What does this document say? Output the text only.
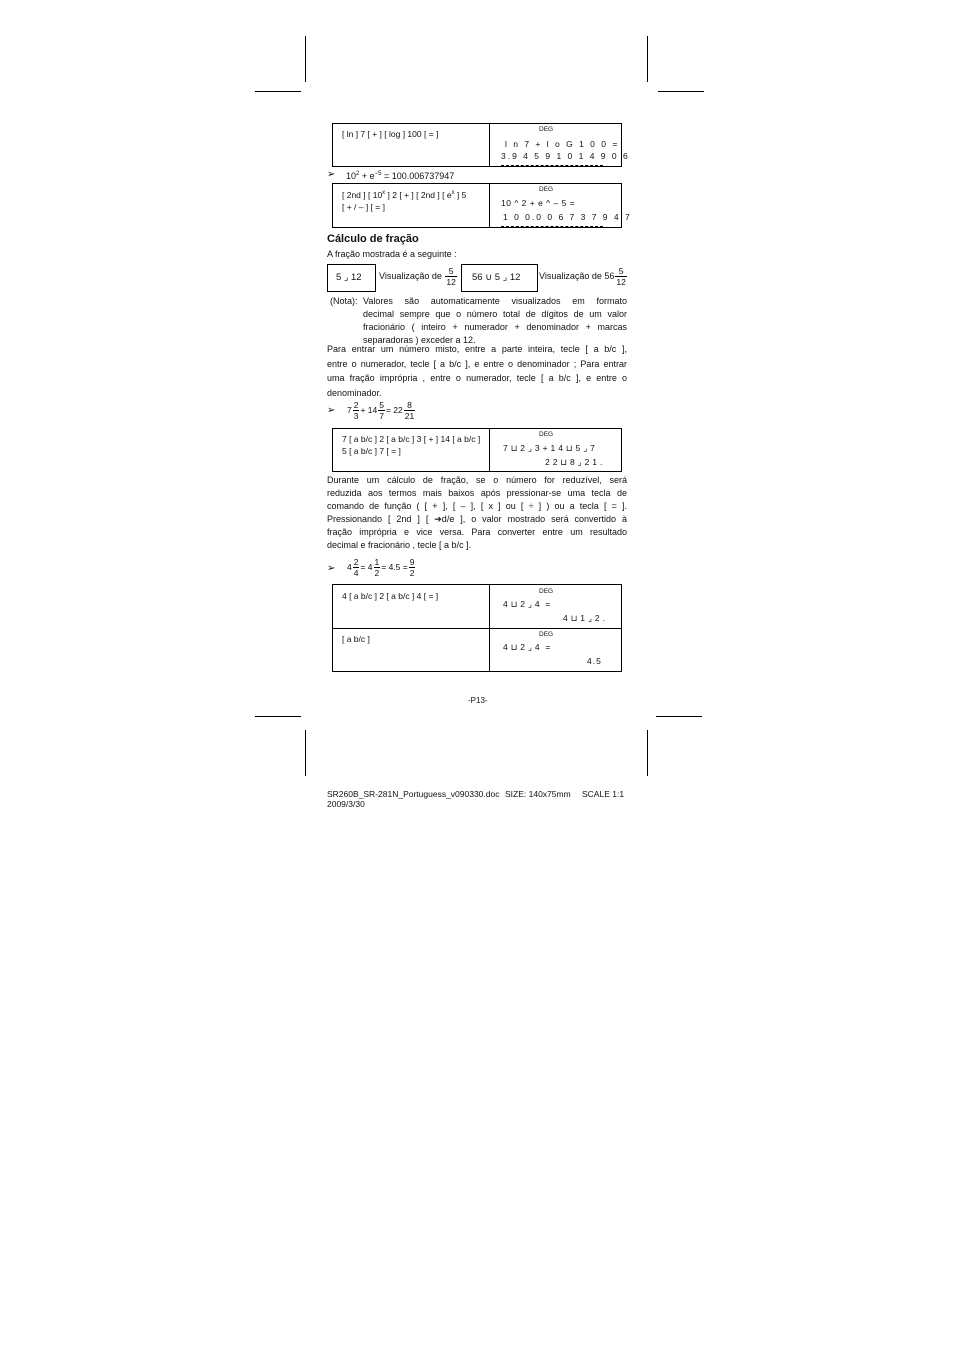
[ ln ] 7 [ + ] [ log ] 100 [ = ]	DEG
l n 7 + l o G 1 0 0 =
3.9 4 5 9 1 0 1 4 9 0 6
➢ $10^2 + e^{-5} = 100.006737947$
[ 2nd ] [ 10$^x$ ] 2 [ + ] [ 2nd ] [ $e^x$ ] 5
[ + / – ] [ = ]
DEG
10 ^ 2 + e ^ – 5 =
1 0 0.0 0 6 7 3 7 9 4 7
Cálculo de fração
A fração mostrada é a seguinte :
5 ⌟ 12 Visualização de $\frac{5}{12} 56$ ∪ 5 ⌟ 12 Visualização de $56 \frac{5}{12}$
(Nota): Valores são automaticamente visualizados em formato
decimal sempre que o número total de dígitos de um valor
fracionário ( inteiro + numerador + denominador + marcas
separadoras ) exceder a 12.
Para entrar um número misto, entre a parte inteira, tecle [ a b/c ],
entre o numerador, tecle [ a b/c ], e entre o denominador ; Para entrar
uma fração imprópria , entre o numerador, tecle [ a b/c ], e entre o
denominador.
➢ $7 \frac{2}{3} + 14 \frac{5}{7} = 22 \frac{8}{21}$
7 [ a b/c ] 2 [ a b/c ] 3 [ + ] 14 [ a b/c ]
5 [ a b/c ] 7 [ = ]
DEG
7 ⊔ 2 ⌟ 3 + 1 4 ⊔ 5 ⌟ 7
2 2 ⊔ 8 ⌟ 2 1 .
Durante um cálculo de fração, se o número for reduzível, será
reduzida aos termos mais baixos após pressionar-se uma tecla de
comando de função ( [ + ], [ – ], [ x ] ou [ ÷ ] ) ou a tecla [ = ].
Pressionando [ 2nd ] [ ➔d/e ], o valor mostrado será convertido à
fração imprópria e vice versa. Para converter entre um resultado
decimal e fracionário , tecle [ a b/c ].
➢ $4 \frac{2}{4} = 4 \frac{1}{2} = 4.5 = \frac{9}{2}$
4 [ a b/c ] 2 [ a b/c ] 4 [ = ]	DEG
4 ⊔ 2 ⌟ 4  =
4 ⊔ 1 ⌟ 2 .
[ a b/c ]	DEG
4 ⊔ 2 ⌟ 4  =
4.5
-P13-
SR260B_SR-281N_Portuguess_v090330.doc SIZE: 140x75mm SCALE 1:1
2009/3/30
